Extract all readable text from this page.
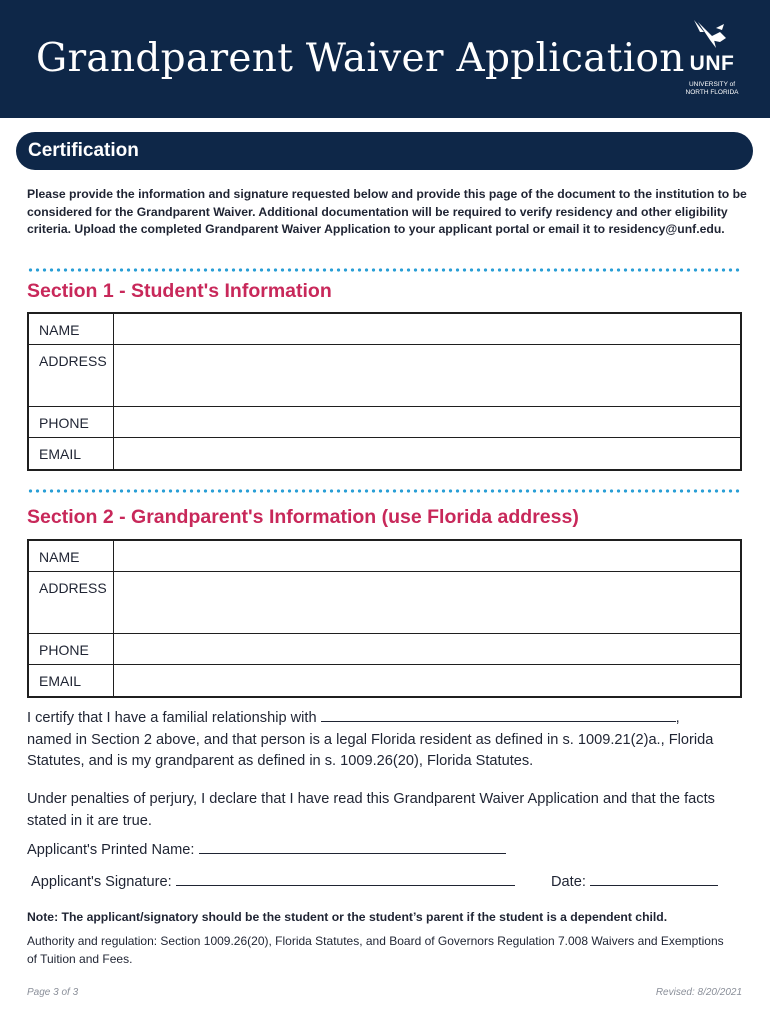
Grandparent Waiver Application UNF
UNIVERSITY of
NORTH FLORIDA
Certification
Please provide the information and signature requested below and provide this page of the document to the institution to be considered for the Grandparent Waiver. Additional documentation will be required to verify residency and other eligibility criteria. Upload the completed Grandparent Waiver Application to your applicant portal or email it to residency@unf.edu.
Section 1 - Student's Information
NAME
ADDRESS
PHONE
EMAIL
Section 2 - Grandparent's Information (use Florida address)
NAME
ADDRESS
PHONE
EMAIL
I certify that I have a familial relationship with	,
named in Section 2 above, and that person is a legal Florida resident as defined in s. 1009.21(2)a., Florida Statutes, and is my grandparent as defined in s. 1009.26(20), Florida Statutes.
Under penalties of perjury, I declare that I have read this Grandparent Waiver Application and that the facts stated in it are true.
Applicant's Printed Name:
Applicant's Signature:	Date:
Note: The applicant/signatory should be the student or the student’s parent if the student is a dependent child.
Authority and regulation: Section 1009.26(20), Florida Statutes, and Board of Governors Regulation 7.008 Waivers and Exemptions of Tuition and Fees.
Page 3 of 3	Revised: 8/20/2021
